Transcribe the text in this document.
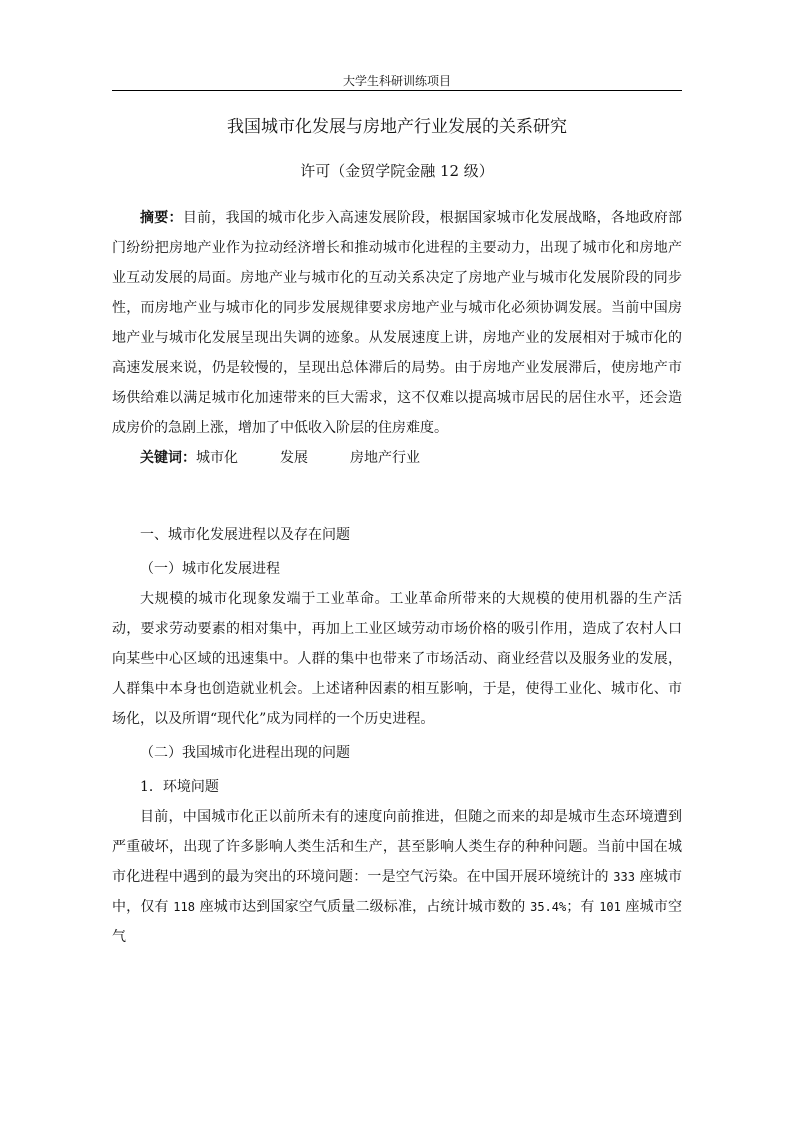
大学生科研训练项目
我国城市化发展与房地产行业发展的关系研究

许可（金贸学院金融 12 级）

摘要：目前，我国的城市化步入高速发展阶段，根据国家城市化发展战略，各地政府部门纷纷把房地产业作为拉动经济增长和推动城市化进程的主要动力，出现了城市化和房地产业互动发展的局面。房地产业与城市化的互动关系决定了房地产业与城市化发展阶段的同步性，而房地产业与城市化的同步发展规律要求房地产业与城市化必须协调发展。当前中国房地产业与城市化发展呈现出失调的迹象。从发展速度上讲，房地产业的发展相对于城市化的高速发展来说，仍是较慢的，呈现出总体滞后的局势。由于房地产业发展滞后，使房地产市场供给难以满足城市化加速带来的巨大需求，这不仅难以提高城市居民的居住水平，还会造成房价的急剧上涨，增加了中低收入阶层的住房难度。

关键词：城市化	发展	房地产行业

一、城市化发展进程以及存在问题

（一）城市化发展进程

大规模的城市化现象发端于工业革命。工业革命所带来的大规模的使用机器的生产活动，要求劳动要素的相对集中，再加上工业区域劳动市场价格的吸引作用，造成了农村人口向某些中心区域的迅速集中。人群的集中也带来了市场活动、商业经营以及服务业的发展，人群集中本身也创造就业机会。上述诸种因素的相互影响，于是，使得工业化、城市化、市场化，以及所谓“现代化”成为同样的一个历史进程。

（二）我国城市化进程出现的问题

1．环境问题

目前，中国城市化正以前所未有的速度向前推进，但随之而来的却是城市生态环境遭到严重破坏，出现了许多影响人类生活和生产，甚至影响人类生存的种种问题。当前中国在城市化进程中遇到的最为突出的环境问题：一是空气污染。在中国开展环境统计的 333 座城市中，仅有 118 座城市达到国家空气质量二级标准，占统计城市数的 35.4%；有 101 座城市空气
